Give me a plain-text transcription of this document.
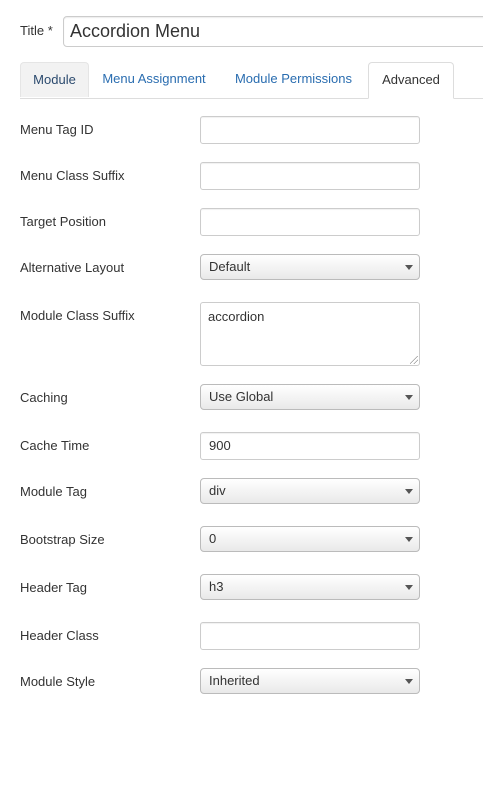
Title * Accordion Menu
Module	Menu Assignment	Module Permissions	Advanced
Menu Tag ID
Menu Class Suffix
Target Position
Alternative Layout	Default
Module Class Suffix	accordion
Caching	Use Global
Cache Time	900
Module Tag	div
Bootstrap Size	0
Header Tag	h3
Header Class
Module Style	Inherited
